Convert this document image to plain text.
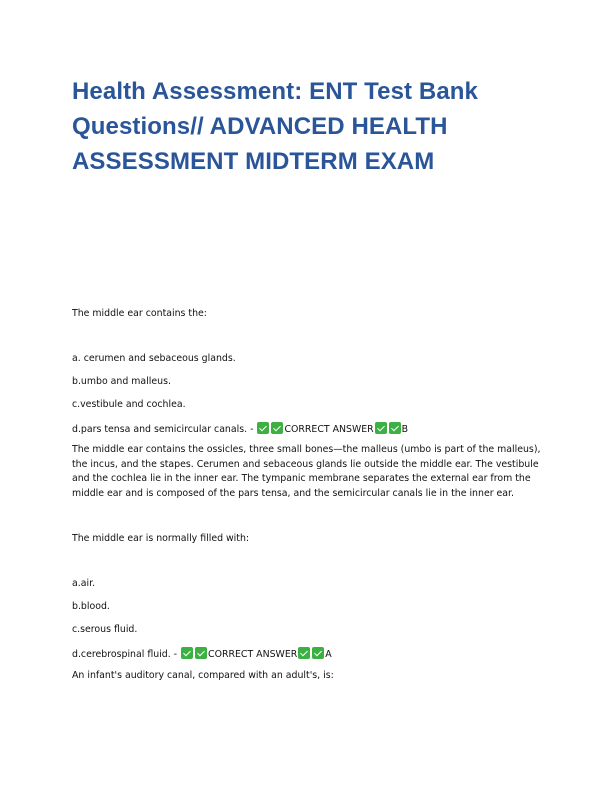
Health Assessment: ENT Test Bank Questions// ADVANCED HEALTH ASSESSMENT MIDTERM EXAM
The middle ear contains the:
a. cerumen and sebaceous glands.
b.umbo and malleus.
c.vestibule and cochlea.
d.pars tensa and semicircular canals. -	CORRECT ANSWER	B

The middle ear contains the ossicles, three small bones—the malleus (umbo is part of the malleus), the incus, and the stapes. Cerumen and sebaceous glands lie outside the middle ear. The vestibule and the cochlea lie in the inner ear. The tympanic membrane separates the external ear from the middle ear and is composed of the pars tensa, and the semicircular canals lie in the inner ear.

The middle ear is normally filled with:
a.air.
b.blood.
c.serous fluid.
d.cerebrospinal fluid. -	CORRECT ANSWER	A
An infant's auditory canal, compared with an adult's, is:
